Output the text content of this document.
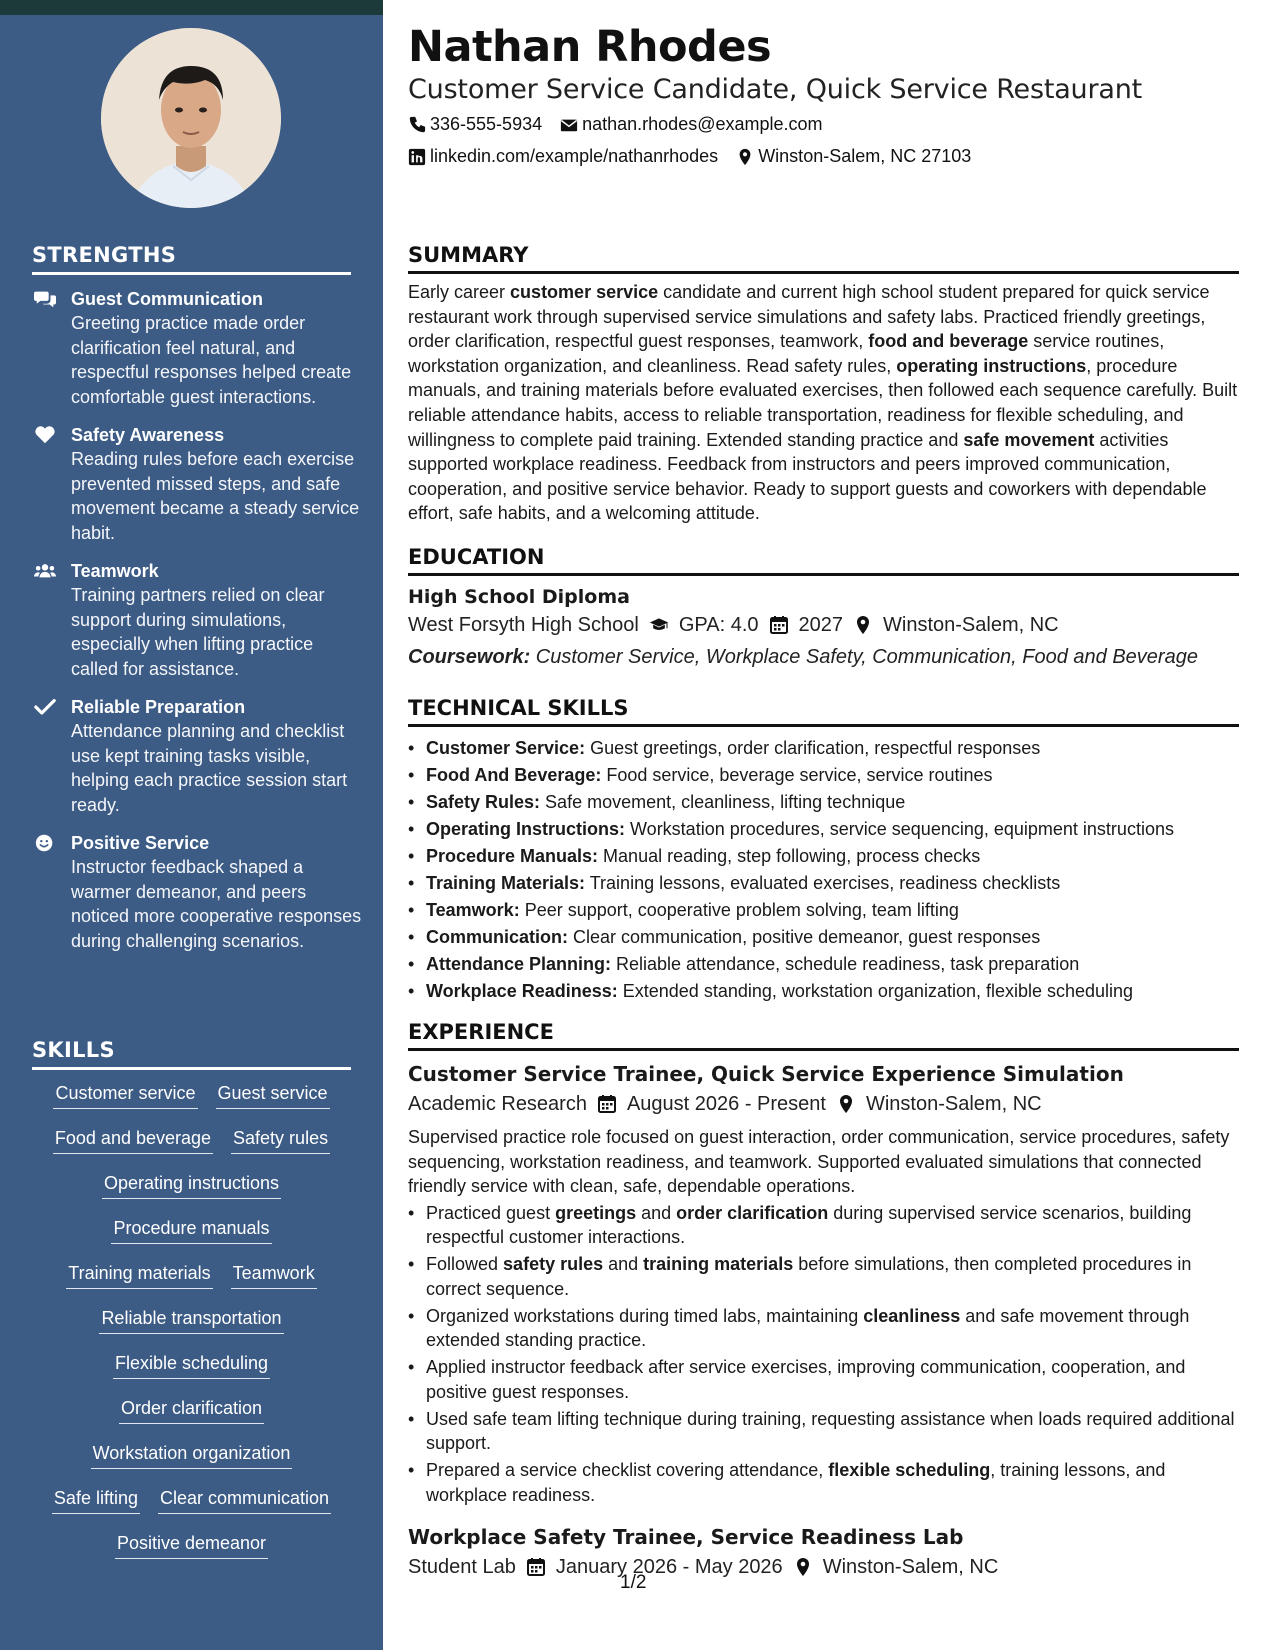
STRENGTHS
Guest Communication
Greeting practice made order clarification feel natural, and respectful responses helped create comfortable guest interactions.
Safety Awareness
Reading rules before each exercise prevented missed steps, and safe movement became a steady service habit.
Teamwork
Training partners relied on clear support during simulations, especially when lifting practice called for assistance.
Reliable Preparation
Attendance planning and checklist use kept training tasks visible, helping each practice session start ready.
Positive Service
Instructor feedback shaped a warmer demeanor, and peers noticed more cooperative responses during challenging scenarios.
SKILLS
Customer service Guest service
Food and beverage Safety rules
Operating instructions
Procedure manuals
Training materials Teamwork
Reliable transportation
Flexible scheduling
Order clarification
Workstation organization
Safe lifting Clear communication
Positive demeanor
Nathan Rhodes
Customer Service Candidate, Quick Service Restaurant
336-555-5934 nathan.rhodes@example.com
linkedin.com/example/nathanrhodes Winston-Salem, NC 27103
SUMMARY
Early career customer service candidate and current high school student prepared for quick service restaurant work through supervised service simulations and safety labs. Practiced friendly greetings, order clarification, respectful guest responses, teamwork, food and beverage service routines, workstation organization, and cleanliness. Read safety rules, operating instructions, procedure manuals, and training materials before evaluated exercises, then followed each sequence carefully. Built reliable attendance habits, access to reliable transportation, readiness for flexible scheduling, and willingness to complete paid training. Extended standing practice and safe movement activities supported workplace readiness. Feedback from instructors and peers improved communication, cooperation, and positive service behavior. Ready to support guests and coworkers with dependable effort, safe habits, and a welcoming attitude.
EDUCATION
High School Diploma
West Forsyth High School GPA: 4.0 2027 Winston-Salem, NC
Coursework: Customer Service, Workplace Safety, Communication, Food and Beverage
TECHNICAL SKILLS
• Customer Service: Guest greetings, order clarification, respectful responses
• Food And Beverage: Food service, beverage service, service routines
• Safety Rules: Safe movement, cleanliness, lifting technique
• Operating Instructions: Workstation procedures, service sequencing, equipment instructions
• Procedure Manuals: Manual reading, step following, process checks
• Training Materials: Training lessons, evaluated exercises, readiness checklists
• Teamwork: Peer support, cooperative problem solving, team lifting
• Communication: Clear communication, positive demeanor, guest responses
• Attendance Planning: Reliable attendance, schedule readiness, task preparation
• Workplace Readiness: Extended standing, workstation organization, flexible scheduling
EXPERIENCE
Customer Service Trainee, Quick Service Experience Simulation
Academic Research August 2026 - Present Winston-Salem, NC
Supervised practice role focused on guest interaction, order communication, service procedures, safety sequencing, workstation readiness, and teamwork. Supported evaluated simulations that connected friendly service with clean, safe, dependable operations.
• Practiced guest greetings and order clarification during supervised service scenarios, building respectful customer interactions.
• Followed safety rules and training materials before simulations, then completed procedures in correct sequence.
• Organized workstations during timed labs, maintaining cleanliness and safe movement through extended standing practice.
• Applied instructor feedback after service exercises, improving communication, cooperation, and positive guest responses.
• Used safe team lifting technique during training, requesting assistance when loads required additional support.
• Prepared a service checklist covering attendance, flexible scheduling, training lessons, and workplace readiness.
Workplace Safety Trainee, Service Readiness Lab
Student Lab January 2026 - May 2026 Winston-Salem, NC
1/2
